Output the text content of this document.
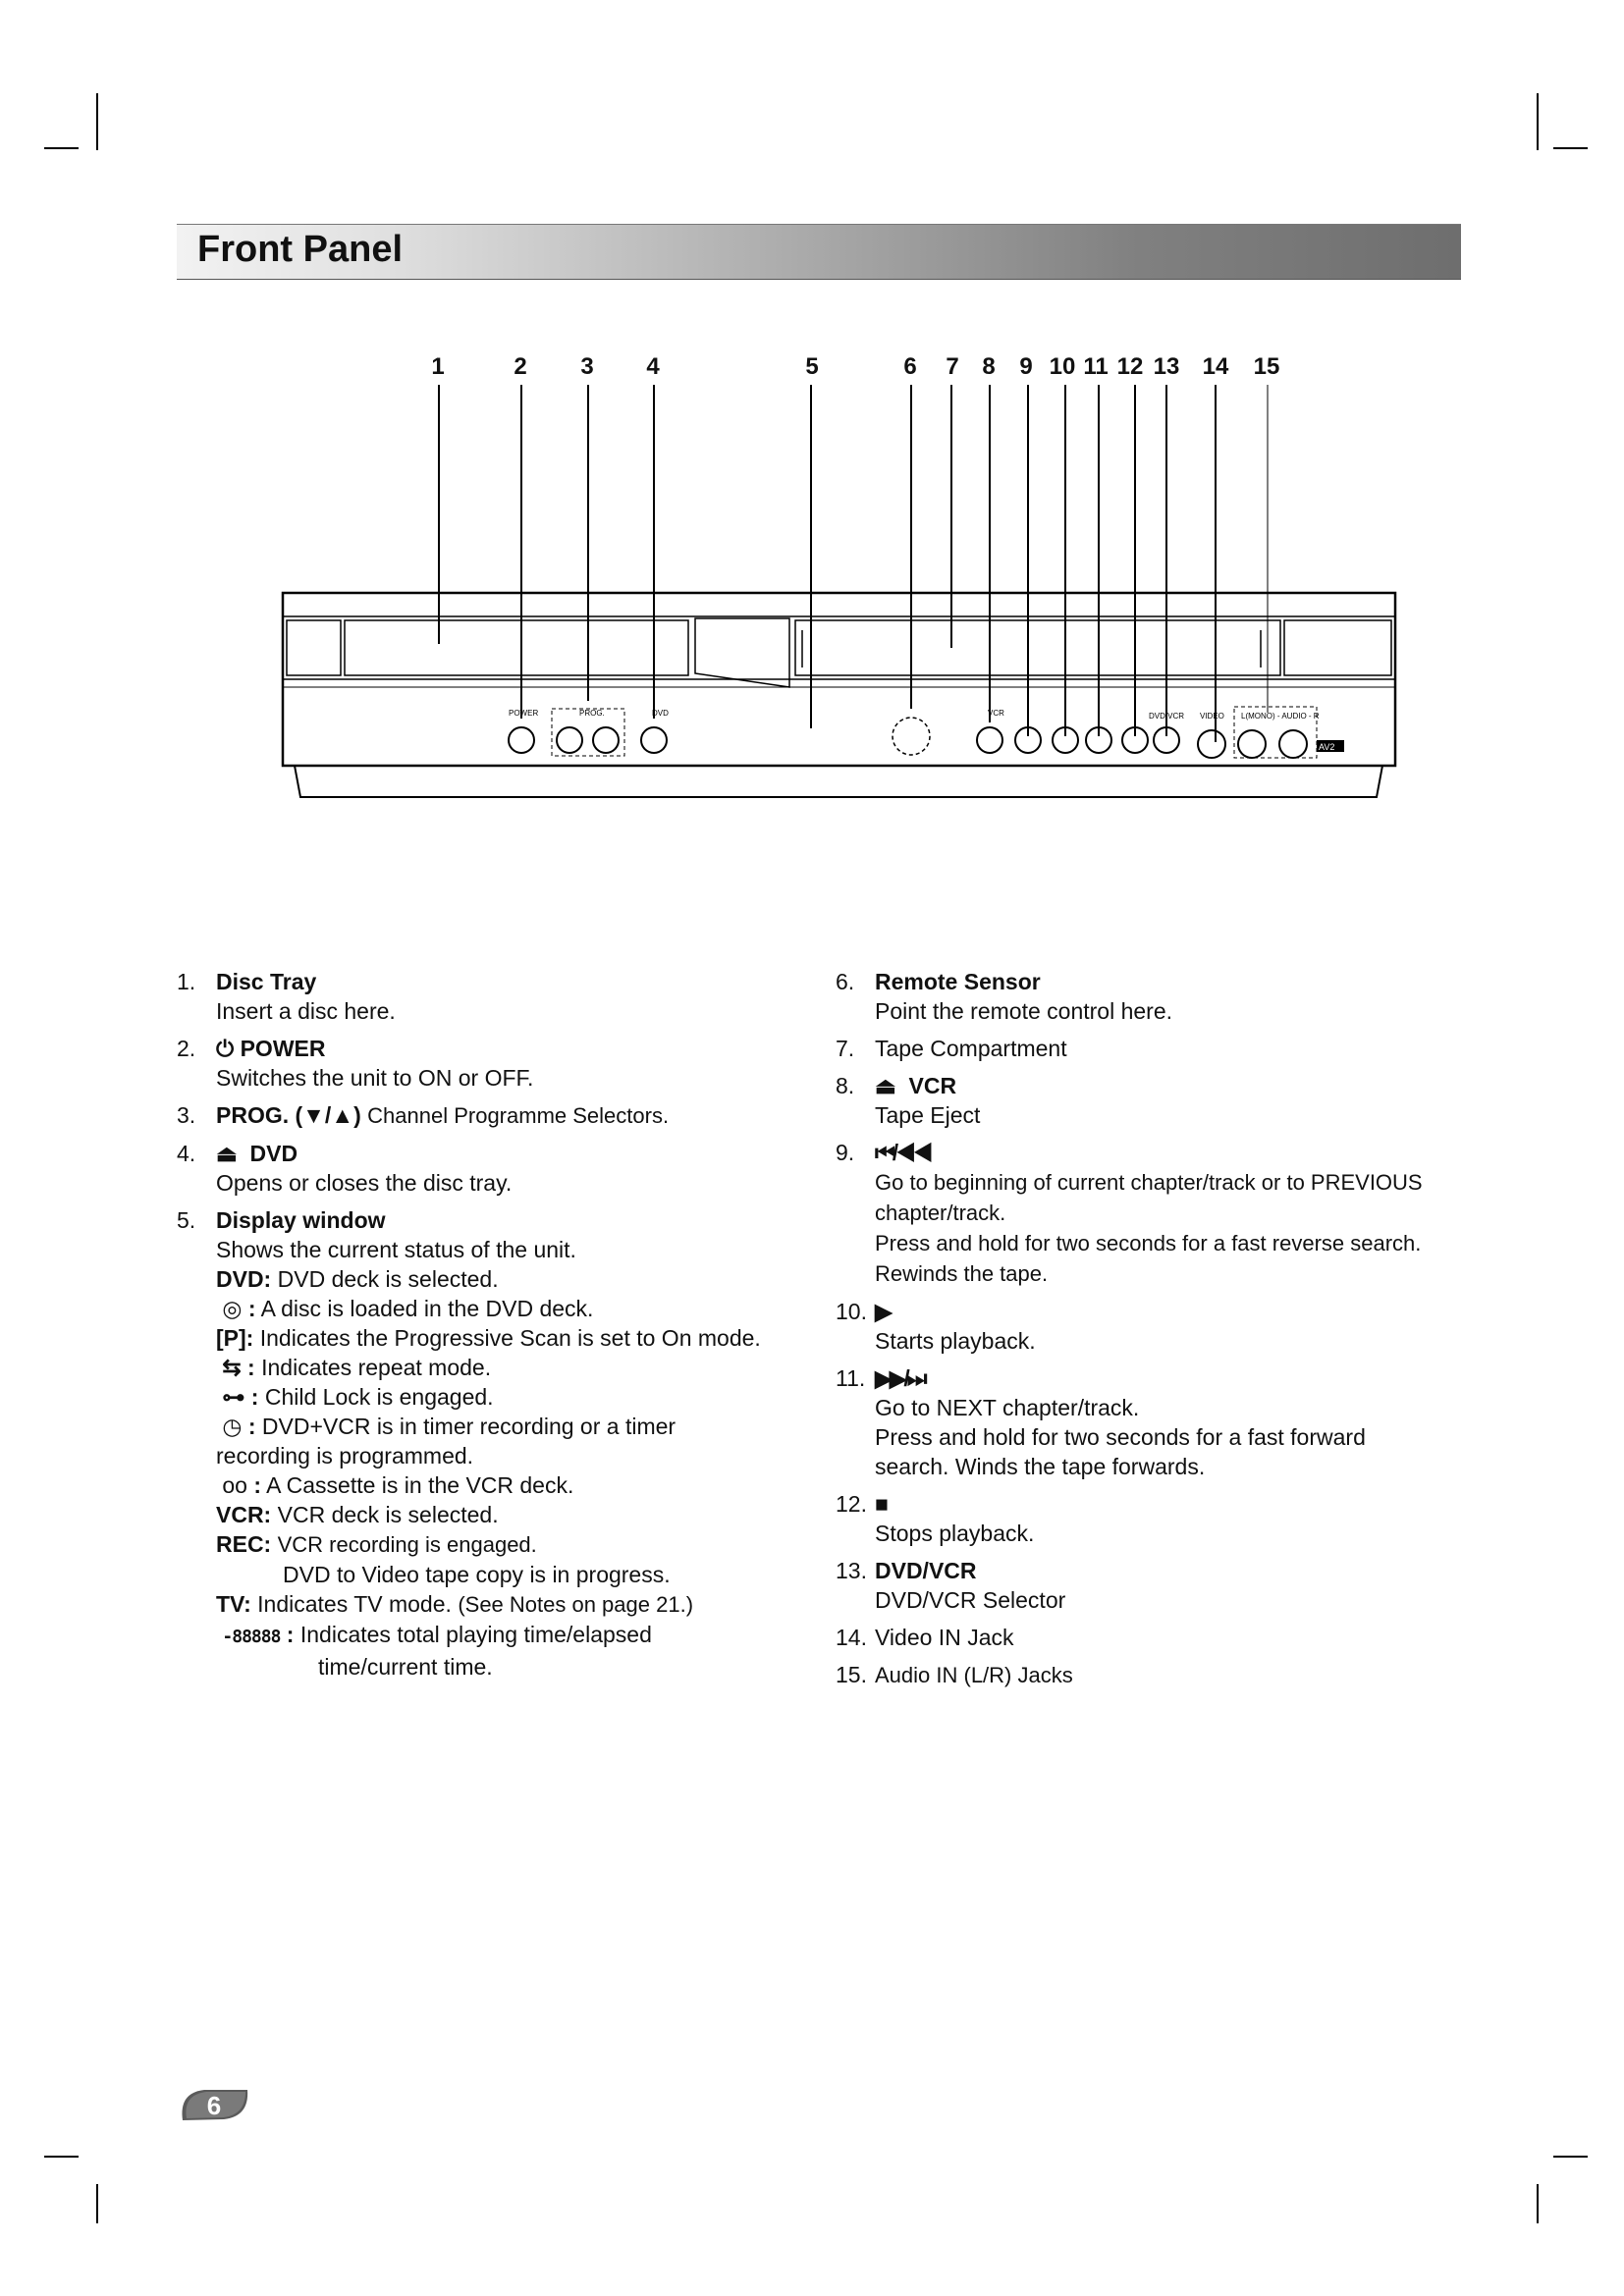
Front Panel
1	2 3 4	5	6 7 8 9 10 11 12 13 14 15
POWER	PROG.	DVD	VCR	DVD/VCR VIDEO L(MONO) - AUDIO - R
AV2
1. Disc Tray
Insert a disc here.
2. ⏻ POWER
Switches the unit to ON or OFF.
3. PROG. (▼/▲) Channel Programme Selectors.
4. ⏏ DVD
Opens or closes the disc tray.
5. Display window
Shows the current status of the unit.
DVD: DVD deck is selected.
◎ : A disc is loaded in the DVD deck.
[P]: Indicates the Progressive Scan is set to On mode.
⇆ : Indicates repeat mode.
⊶ : Child Lock is engaged.
◷ : DVD+VCR is in timer recording or a timer recording is programmed.
oo : A Cassette is in the VCR deck.
VCR: VCR deck is selected.
REC: VCR recording is engaged.
DVD to Video tape copy is in progress.
TV: Indicates TV mode. (See Notes on page 21.)
-88888 : Indicates total playing time/elapsed
time/current time.
6. Remote Sensor
Point the remote control here.
7. Tape Compartment
8. ⏏ VCR
Tape Eject
9. ⏮/◀◀
Go to beginning of current chapter/track or to PREVIOUS chapter/track.
Press and hold for two seconds for a fast reverse search. Rewinds the tape.
10. ▶
Starts playback.
11. ▶▶/⏭
Go to NEXT chapter/track.
Press and hold for two seconds for a fast forward search. Winds the tape forwards.
12. ■
Stops playback.
13. DVD/VCR
DVD/VCR Selector
14. Video IN Jack
15. Audio IN (L/R) Jacks
6
